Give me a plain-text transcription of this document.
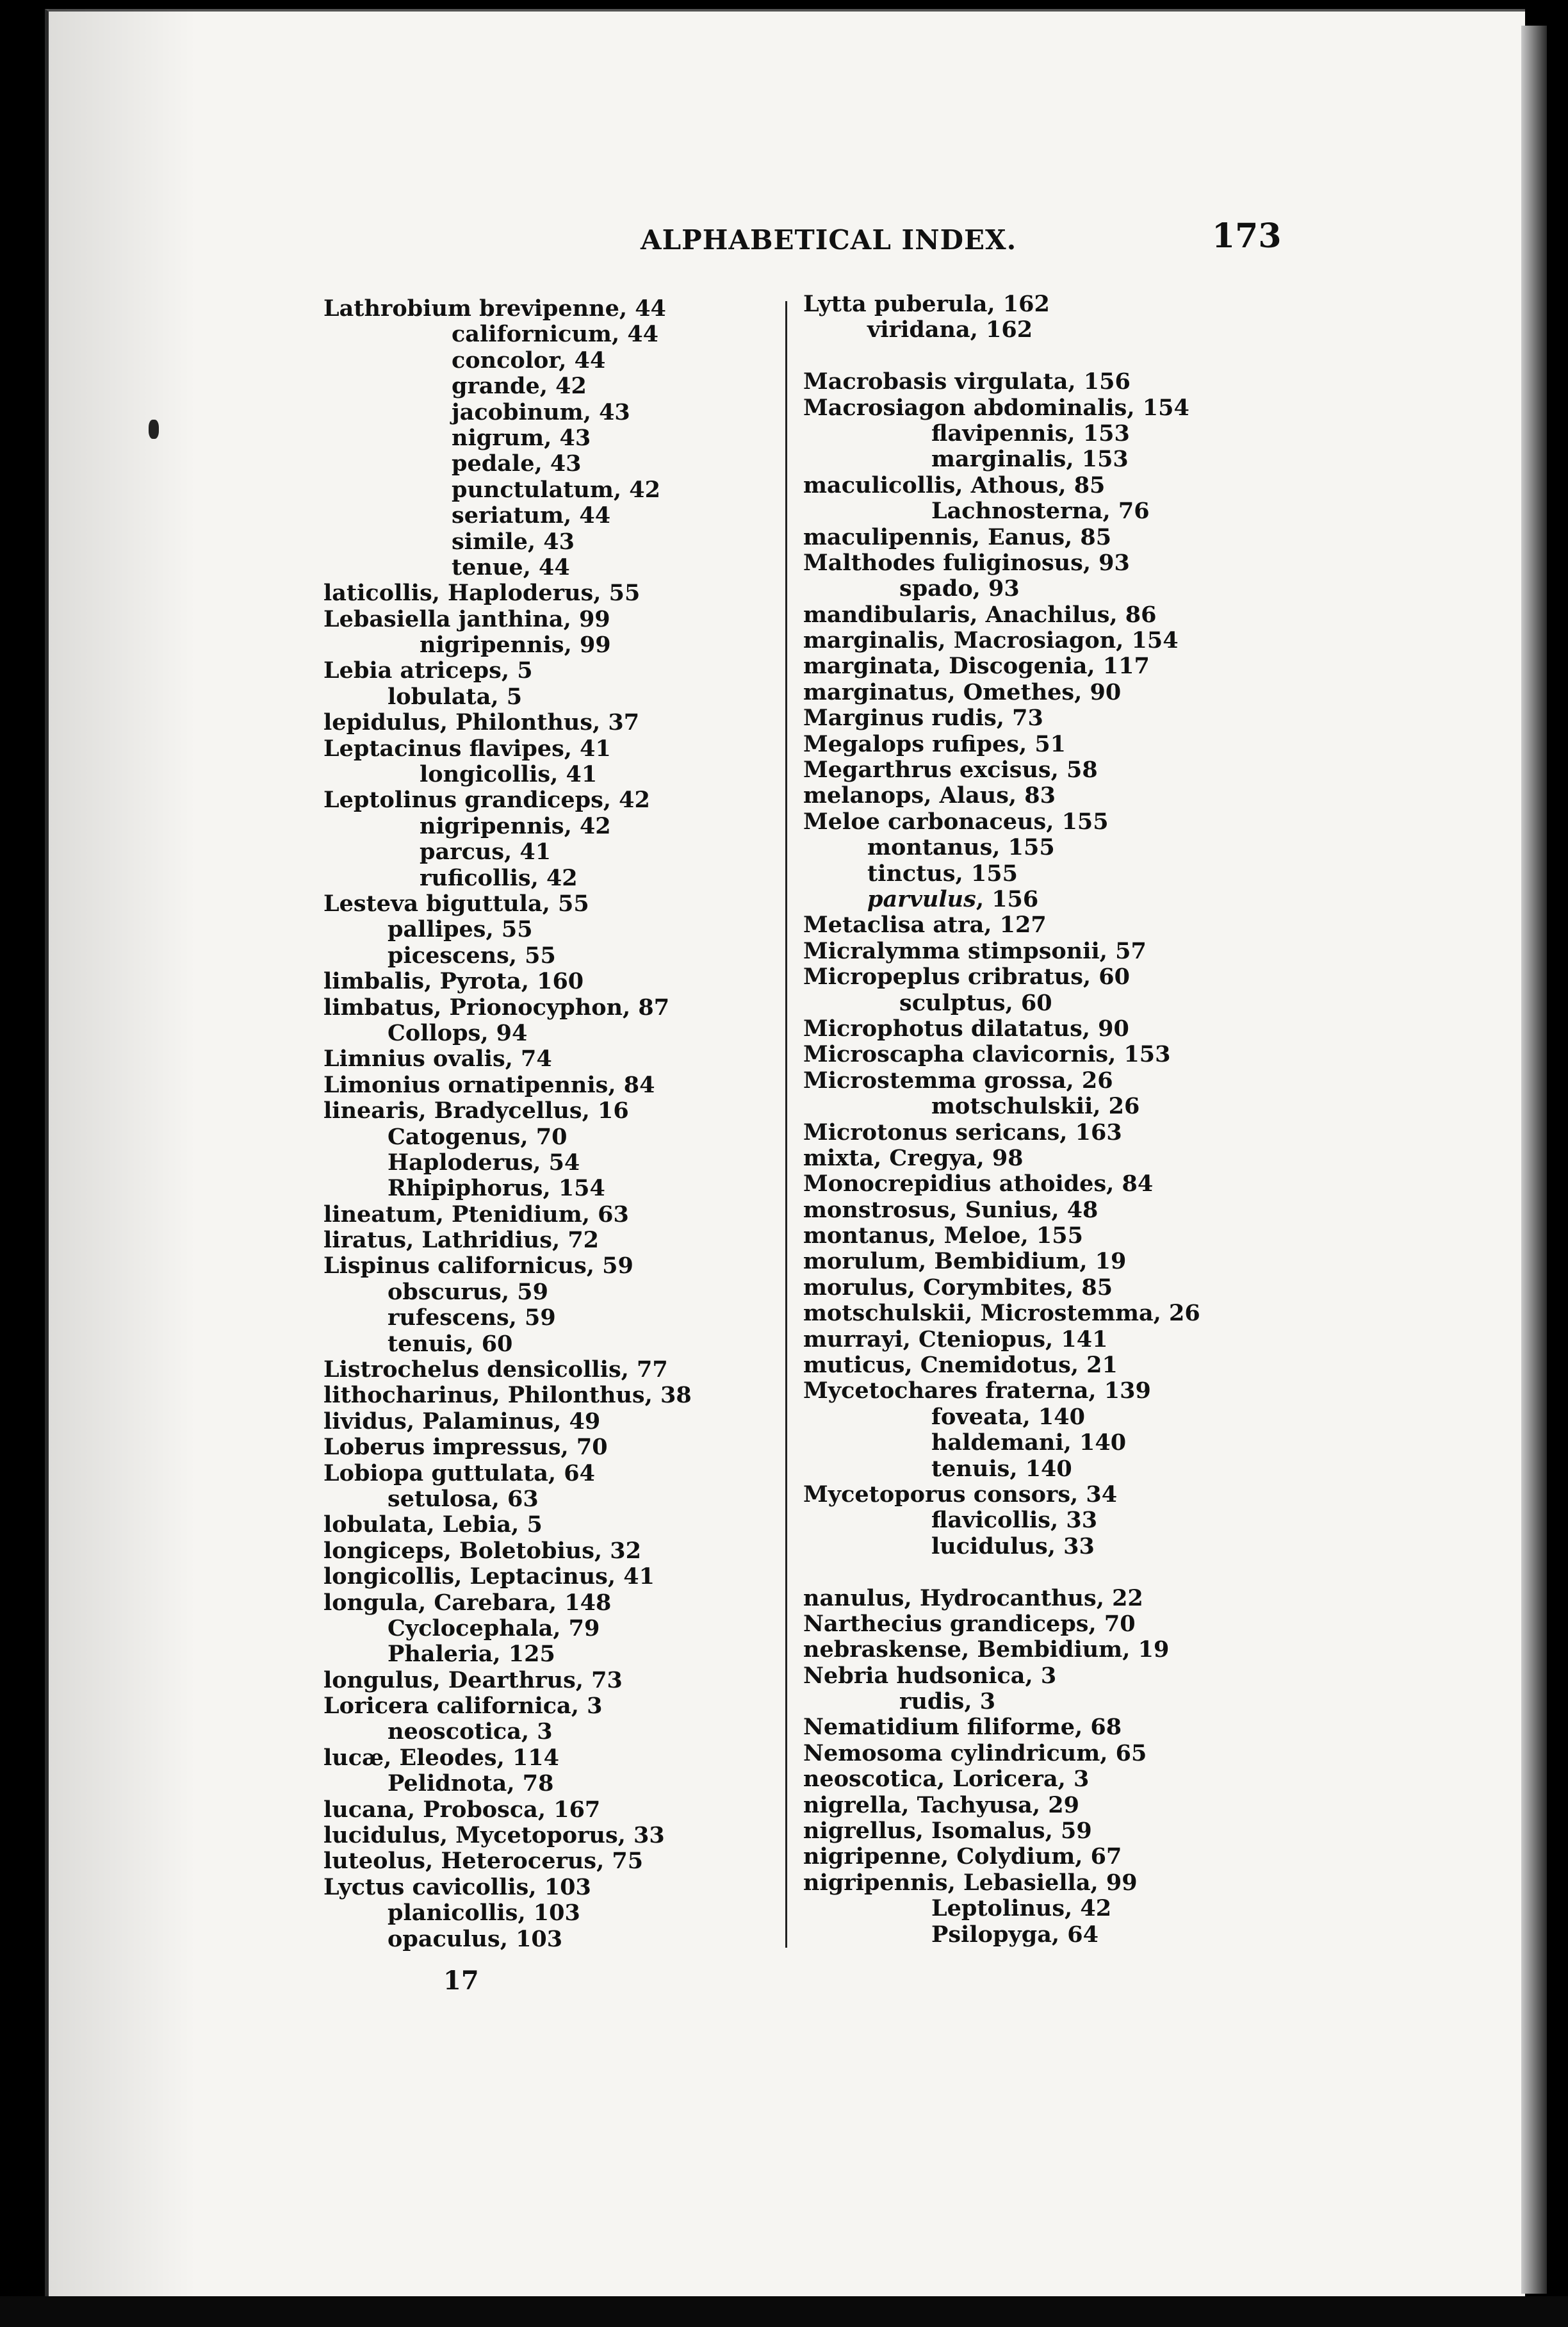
ALPHABETICAL INDEX.	173
Lathrobium brevipenne, 44
californicum, 44
concolor, 44
grande, 42
jacobinum, 43
nigrum, 43
pedale, 43
punctulatum, 42
seriatum, 44
simile, 43
tenue, 44
laticollis, Haploderus, 55
Lebasiella janthina, 99
nigripennis, 99
Lebia atriceps, 5
lobulata, 5
lepidulus, Philonthus, 37
Leptacinus flavipes, 41
longicollis, 41
Leptolinus grandiceps, 42
nigripennis, 42
parcus, 41
ruficollis, 42
Lesteva biguttula, 55
pallipes, 55
picescens, 55
limbalis, Pyrota, 160
limbatus, Prionocyphon, 87
Collops, 94
Limnius ovalis, 74
Limonius ornatipennis, 84
linearis, Bradycellus, 16
Catogenus, 70
Haploderus, 54
Rhipiphorus, 154
lineatum, Ptenidium, 63
liratus, Lathridius, 72
Lispinus californicus, 59
obscurus, 59
rufescens, 59
tenuis, 60
Listrochelus densicollis, 77
lithocharinus, Philonthus, 38
lividus, Palaminus, 49
Loberus impressus, 70
Lobiopa guttulata, 64
setulosa, 63
lobulata, Lebia, 5
longiceps, Boletobius, 32
longicollis, Leptacinus, 41
longula, Carebara, 148
Cyclocephala, 79
Phaleria, 125
longulus, Dearthrus, 73
Loricera californica, 3
neoscotica, 3
lucæ, Eleodes, 114
Pelidnota, 78
lucana, Probosca, 167
lucidulus, Mycetoporus, 33
luteolus, Heterocerus, 75
Lyctus cavicollis, 103
planicollis, 103
opaculus, 103
Lytta puberula, 162
viridana, 162
Macrobasis virgulata, 156
Macrosiagon abdominalis, 154
flavipennis, 153
marginalis, 153
maculicollis, Athous, 85
Lachnosterna, 76
maculipennis, Eanus, 85
Malthodes fuliginosus, 93
spado, 93
mandibularis, Anachilus, 86
marginalis, Macrosiagon, 154
marginata, Discogenia, 117
marginatus, Omethes, 90
Marginus rudis, 73
Megalops rufipes, 51
Megarthrus excisus, 58
melanops, Alaus, 83
Meloe carbonaceus, 155
montanus, 155
tinctus, 155
parvulus, 156
Metaclisa atra, 127
Micralymma stimpsonii, 57
Micropeplus cribratus, 60
sculptus, 60
Microphotus dilatatus, 90
Microscapha clavicornis, 153
Microstemma grossa, 26
motschulskii, 26
Microtonus sericans, 163
mixta, Cregya, 98
Monocrepidius athoides, 84
monstrosus, Sunius, 48
montanus, Meloe, 155
morulum, Bembidium, 19
morulus, Corymbites, 85
motschulskii, Microstemma, 26
murrayi, Cteniopus, 141
muticus, Cnemidotus, 21
Mycetochares fraterna, 139
foveata, 140
haldemani, 140
tenuis, 140
Mycetoporus consors, 34
flavicollis, 33
lucidulus, 33
nanulus, Hydrocanthus, 22
Narthecius grandiceps, 70
nebraskense, Bembidium, 19
Nebria hudsonica, 3
rudis, 3
Nematidium filiforme, 68
Nemosoma cylindricum, 65
neoscotica, Loricera, 3
nigrella, Tachyusa, 29
nigrellus, Isomalus, 59
nigripenne, Colydium, 67
nigripennis, Lebasiella, 99
Leptolinus, 42
Psilopyga, 64
17
